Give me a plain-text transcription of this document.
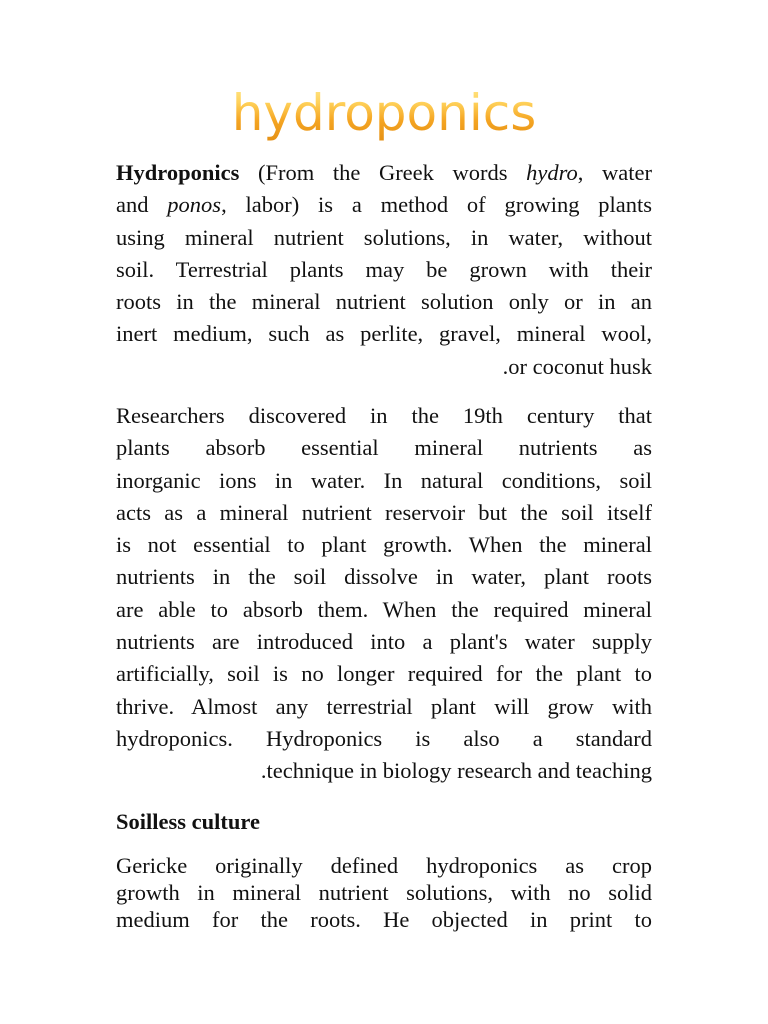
hydroponics
Hydroponics (From the Greek words hydro, water
and ponos, labor) is a method of growing plants
using mineral nutrient solutions, in water, without
soil. Terrestrial plants may be grown with their
roots in the mineral nutrient solution only or in an
inert medium, such as perlite, gravel, mineral wool,
.or coconut husk
Researchers discovered in the 19th century that
plants absorb essential mineral nutrients as
inorganic ions in water. In natural conditions, soil
acts as a mineral nutrient reservoir but the soil itself
is not essential to plant growth. When the mineral
nutrients in the soil dissolve in water, plant roots
are able to absorb them. When the required mineral
nutrients are introduced into a plant's water supply
artificially, soil is no longer required for the plant to
thrive. Almost any terrestrial plant will grow with
hydroponics. Hydroponics is also a standard
.technique in biology research and teaching
Soilless culture
Gericke originally defined hydroponics as crop
growth in mineral nutrient solutions, with no solid
medium for the roots. He objected in print to
